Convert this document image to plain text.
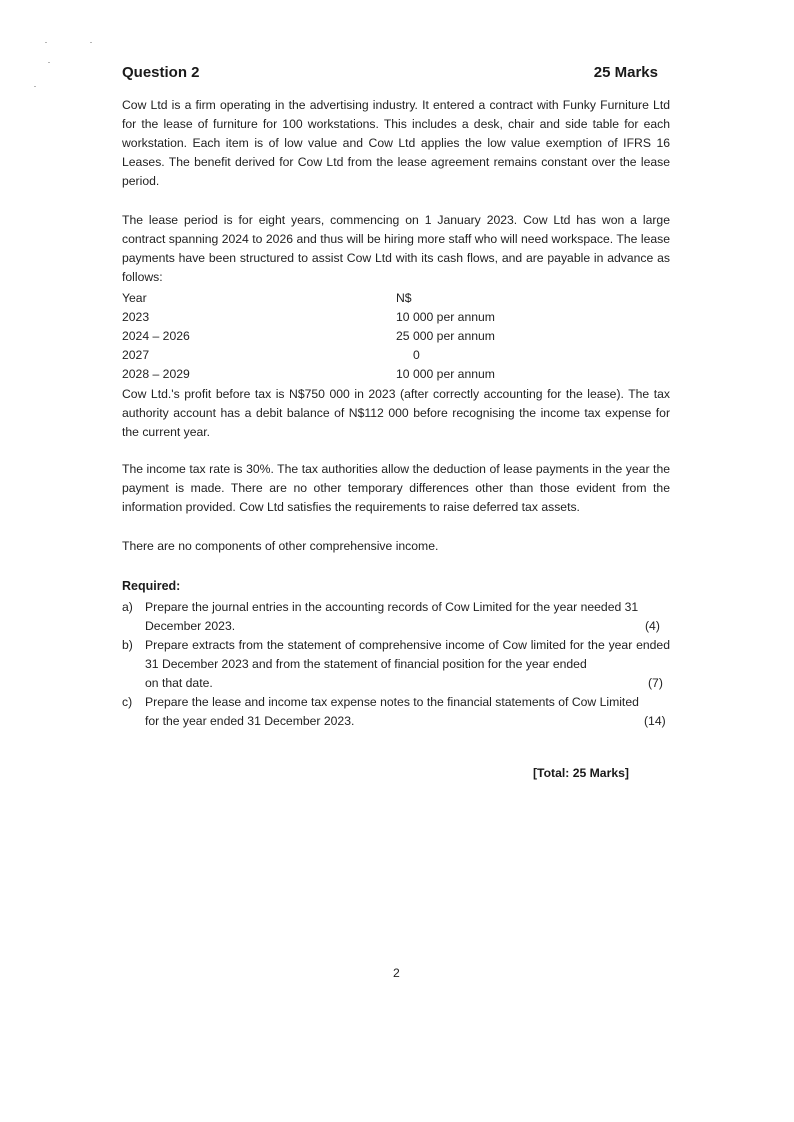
Question 2	25 Marks

Cow Ltd is a firm operating in the advertising industry. It entered a contract with Funky Furniture Ltd for the lease of furniture for 100 workstations. This includes a desk, chair and side table for each workstation. Each item is of low value and Cow Ltd applies the low value exemption of IFRS 16 Leases. The benefit derived for Cow Ltd from the lease agreement remains constant over the lease period.

The lease period is for eight years, commencing on 1 January 2023. Cow Ltd has won a large contract spanning 2024 to 2026 and thus will be hiring more staff who will need workspace. The lease payments have been structured to assist Cow Ltd with its cash flows, and are payable in advance as follows:

Year	N$
2023	10 000 per annum
2024 – 2026	25 000 per annum
2027	0
2028 – 2029	10 000 per annum

Cow Ltd.'s profit before tax is N$750 000 in 2023 (after correctly accounting for the lease). The tax authority account has a debit balance of N$112 000 before recognising the income tax expense for the current year.

The income tax rate is 30%. The tax authorities allow the deduction of lease payments in the year the payment is made. There are no other temporary differences other than those evident from the information provided. Cow Ltd satisfies the requirements to raise deferred tax assets.

There are no components of other comprehensive income.

Required:
a) Prepare the journal entries in the accounting records of Cow Limited for the year needed 31
December 2023.	(4)
b) Prepare extracts from the statement of comprehensive income of Cow limited for the year ended 31 December 2023 and from the statement of financial position for the year ended
on that date.	(7)
c) Prepare the lease and income tax expense notes to the financial statements of Cow Limited
for the year ended 31 December 2023.	(14)
[Total: 25 Marks]
2
